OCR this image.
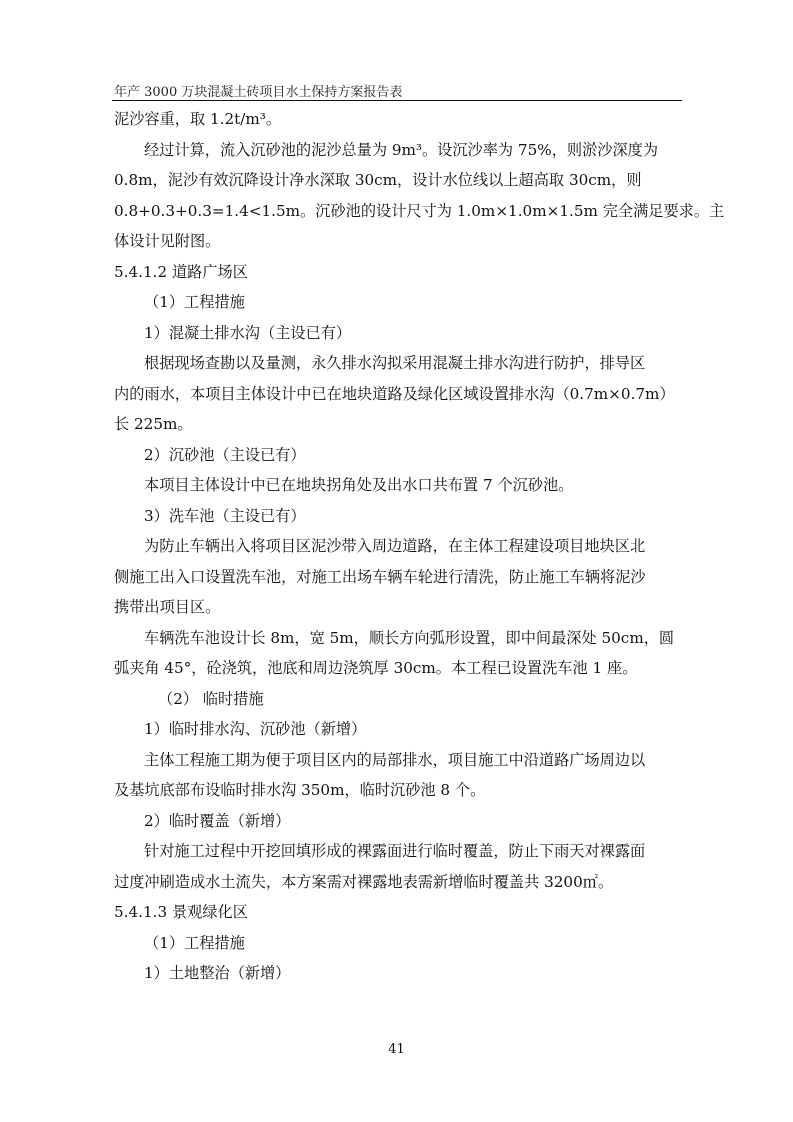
年产 3000 万块混凝土砖项目水土保持方案报告表
泥沙容重，取 1.2t/m³。
经过计算，流入沉砂池的泥沙总量为 9m³。设沉沙率为 75%，则淤沙深度为
0.8m，泥沙有效沉降设计净水深取 30cm，设计水位线以上超高取 30cm，则
0.8+0.3+0.3=1.4<1.5m。沉砂池的设计尺寸为 1.0m×1.0m×1.5m 完全满足要求。主
体设计见附图。
5.4.1.2 道路广场区
（1）工程措施
1）混凝土排水沟（主设已有）
根据现场查勘以及量测，永久排水沟拟采用混凝土排水沟进行防护，排导区
内的雨水，本项目主体设计中已在地块道路及绿化区域设置排水沟（0.7m×0.7m）
长 225m。
2）沉砂池（主设已有）
本项目主体设计中已在地块拐角处及出水口共布置 7 个沉砂池。
3）洗车池（主设已有）
为防止车辆出入将项目区泥沙带入周边道路，在主体工程建设项目地块区北
侧施工出入口设置洗车池，对施工出场车辆车轮进行清洗，防止施工车辆将泥沙
携带出项目区。
车辆洗车池设计长 8m，宽 5m，顺长方向弧形设置，即中间最深处 50cm，圆
弧夹角 45°，砼浇筑，池底和周边浇筑厚 30cm。本工程已设置洗车池 1 座。
（2） 临时措施
1）临时排水沟、沉砂池（新增）
主体工程施工期为便于项目区内的局部排水，项目施工中沿道路广场周边以
及基坑底部布设临时排水沟 350m，临时沉砂池 8 个。
2）临时覆盖（新增）
针对施工过程中开挖回填形成的裸露面进行临时覆盖，防止下雨天对裸露面
过度冲刷造成水土流失，本方案需对裸露地表需新增临时覆盖共 3200㎡。
5.4.1.3 景观绿化区
（1）工程措施
1）土地整治（新增）
41
